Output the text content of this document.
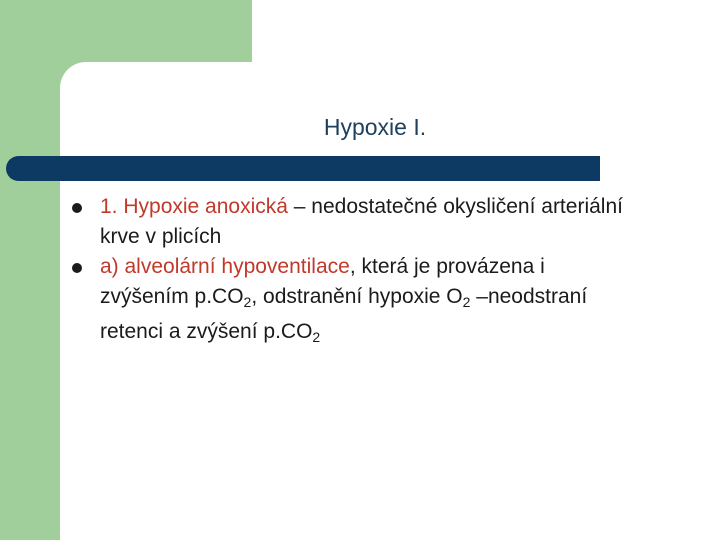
Hypoxie I.
1. Hypoxie anoxická – nedostatečné okysličení arteriální krve v plicích
a) alveolární hypoventilace, která je provázena i zvýšením $p.CO_2$, odstranění hypoxie $O_2$ –neodstraní retenci a zvýšení $p.CO_2$
